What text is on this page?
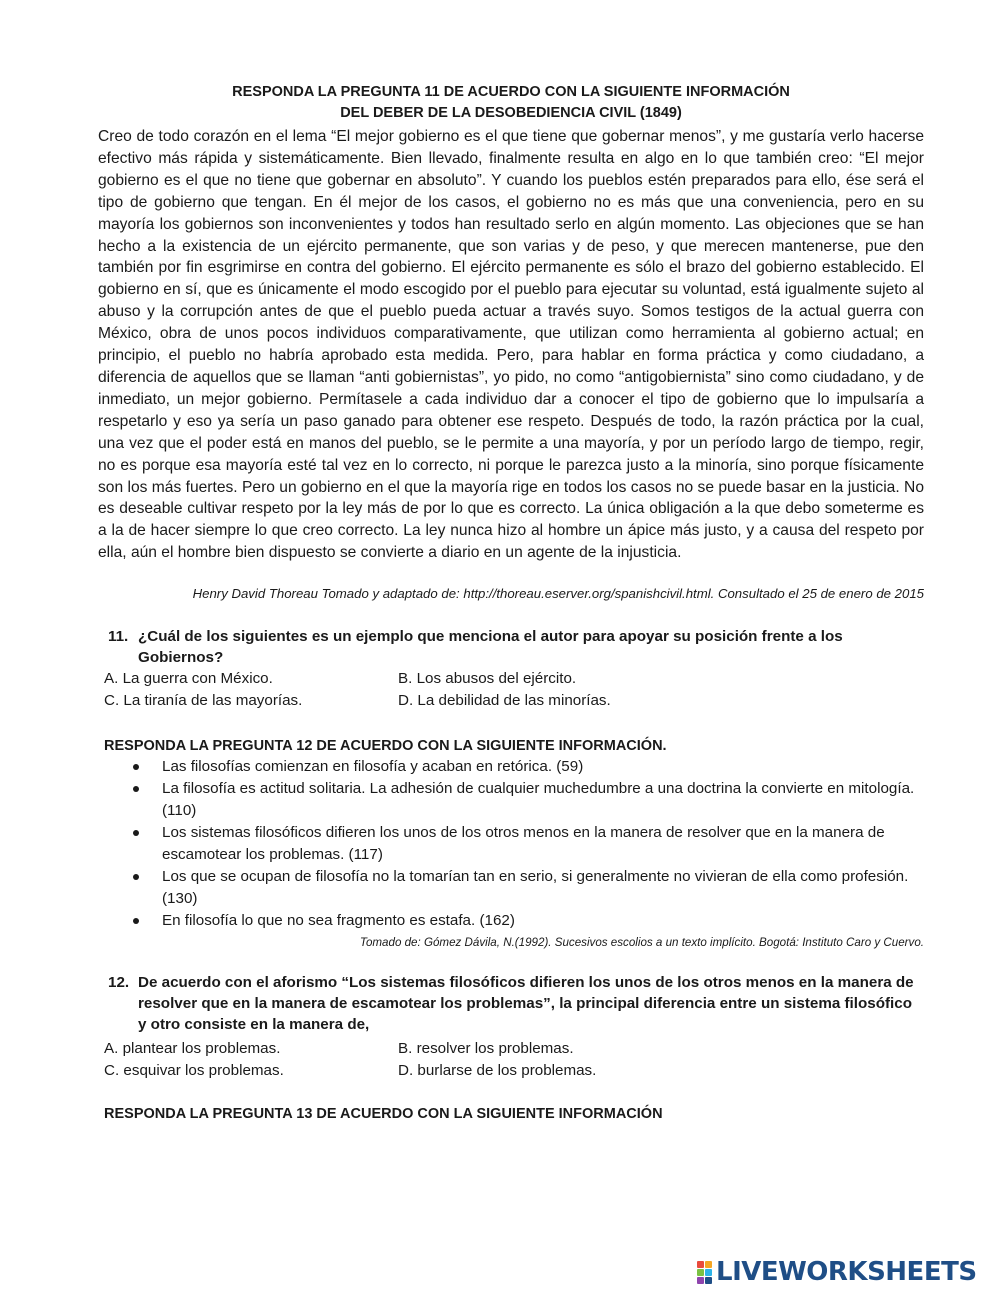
RESPONDA LA PREGUNTA 11 DE ACUERDO CON LA SIGUIENTE INFORMACIÓN
DEL DEBER DE LA DESOBEDIENCIA CIVIL (1849)

Creo de todo corazón en el lema “El mejor gobierno es el que tiene que gobernar menos”, y me gustaría verlo hacerse efectivo más rápida y sistemáticamente. Bien llevado, finalmente resulta en algo en lo que también creo: “El mejor gobierno es el que no tiene que gobernar en absoluto”. Y cuando los pueblos estén preparados para ello, ése será el tipo de gobierno que tengan. En él mejor de los casos, el gobierno no es más que una conveniencia, pero en su mayoría los gobiernos son inconvenientes y todos han resultado serlo en algún momento. Las objeciones que se han hecho a la existencia de un ejército permanente, que son varias y de peso, y que merecen mantenerse, pue den también por fin esgrimirse en contra del gobierno. El ejército permanente es sólo el brazo del gobierno establecido. El gobierno en sí, que es únicamente el modo escogido por el pueblo para ejecutar su voluntad, está igualmente sujeto al abuso y la corrupción antes de que el pueblo pueda actuar a través suyo. Somos testigos de la actual guerra con México, obra de unos pocos individuos comparativamente, que utilizan como herramienta al gobierno actual; en principio, el pueblo no habría aprobado esta medida. Pero, para hablar en forma práctica y como ciudadano, a diferencia de aquellos que se llaman “anti gobiernistas”, yo pido, no como “antigobiernista” sino como ciudadano, y de inmediato, un mejor gobierno. Permítasele a cada individuo dar a conocer el tipo de gobierno que lo impulsaría a respetarlo y eso ya sería un paso ganado para obtener ese respeto. Después de todo, la razón práctica por la cual, una vez que el poder está en manos del pueblo, se le permite a una mayoría, y por un período largo de tiempo, regir, no es porque esa mayoría esté tal vez en lo correcto, ni porque le parezca justo a la minoría, sino porque físicamente son los más fuertes. Pero un gobierno en el que la mayoría rige en todos los casos no se puede basar en la justicia. No es deseable cultivar respeto por la ley más de por lo que es correcto. La única obligación a la que debo someterme es a la de hacer siempre lo que creo correcto. La ley nunca hizo al hombre un ápice más justo, y a causa del respeto por ella, aún el hombre bien dispuesto se convierte a diario en un agente de la injusticia.

Henry David Thoreau Tomado y adaptado de: http://thoreau.eserver.org/spanishcivil.html. Consultado el 25 de enero de 2015
11. ¿Cuál de los siguientes es un ejemplo que menciona el autor para apoyar su posición frente a los Gobiernos?
A. La guerra con México.	B. Los abusos del ejército.
C. La tiranía de las mayorías.	D. La debilidad de las minorías.
RESPONDA LA PREGUNTA 12 DE ACUERDO CON LA SIGUIENTE INFORMACIÓN.
Las filosofías comienzan en filosofía y acaban en retórica. (59)
La filosofía es actitud solitaria. La adhesión de cualquier muchedumbre a una doctrina la convierte en mitología. (110)
Los sistemas filosóficos difieren los unos de los otros menos en la manera de resolver que en la manera de escamotear los problemas. (117)
Los que se ocupan de filosofía no la tomarían tan en serio, si generalmente no vivieran de ella como profesión. (130)
En filosofía lo que no sea fragmento es estafa. (162)
Tomado de: Gómez Dávila, N.(1992). Sucesivos escolios a un texto implícito. Bogotá: Instituto Caro y Cuervo.
12. De acuerdo con el aforismo “Los sistemas filosóficos difieren los unos de los otros menos en la manera de resolver que en la manera de escamotear los problemas”, la principal diferencia entre un sistema filosófico y otro consiste en la manera de,
A. plantear los problemas.	B. resolver los problemas.
C. esquivar los problemas.	D. burlarse de los problemas.
RESPONDA LA PREGUNTA 13 DE ACUERDO CON LA SIGUIENTE INFORMACIÓN
LIVEWORKSHEETS
